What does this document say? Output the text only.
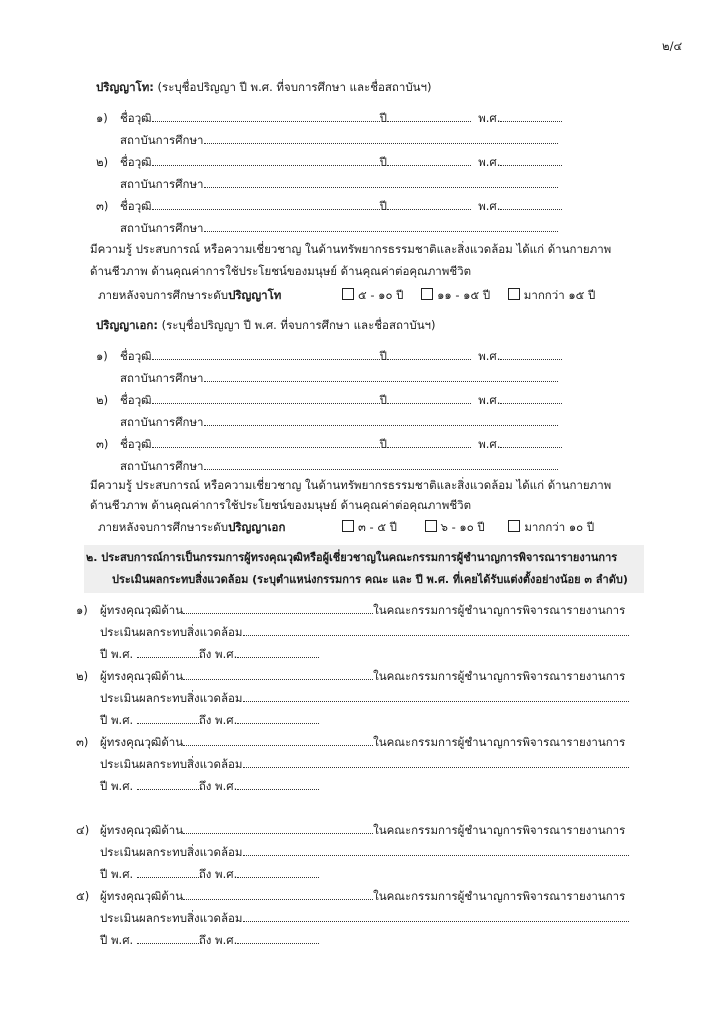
๒/๔
ปริญญาโท: (ระบุชื่อปริญญา ปี พ.ศ. ที่จบการศึกษา และชื่อสถาบันฯ)
๑) ชื่อวุฒิ	ปี	พ.ศ.
สถาบันการศึกษา
๒) ชื่อวุฒิ	ปี	พ.ศ.
สถาบันการศึกษา
๓) ชื่อวุฒิ	ปี	พ.ศ.
สถาบันการศึกษา
มีความรู้ ประสบการณ์ หรือความเชี่ยวชาญ ในด้านทรัพยากรธรรมชาติและสิ่งแวดล้อม ได้แก่ ด้านกายภาพ
ด้านชีวภาพ ด้านคุณค่าการใช้ประโยชน์ของมนุษย์ ด้านคุณค่าต่อคุณภาพชีวิต
ภายหลังจบการศึกษาระดับปริญญาโท	๕ - ๑๐ ปี	๑๑ - ๑๕ ปี	มากกว่า ๑๕ ปี
ปริญญาเอก: (ระบุชื่อปริญญา ปี พ.ศ. ที่จบการศึกษา และชื่อสถาบันฯ)
๑) ชื่อวุฒิ	ปี	พ.ศ.
สถาบันการศึกษา
๒) ชื่อวุฒิ	ปี	พ.ศ.
สถาบันการศึกษา
๓) ชื่อวุฒิ	ปี	พ.ศ.
สถาบันการศึกษา
มีความรู้ ประสบการณ์ หรือความเชี่ยวชาญ ในด้านทรัพยากรธรรมชาติและสิ่งแวดล้อม ได้แก่ ด้านกายภาพ
ด้านชีวภาพ ด้านคุณค่าการใช้ประโยชน์ของมนุษย์ ด้านคุณค่าต่อคุณภาพชีวิต
ภายหลังจบการศึกษาระดับปริญญาเอก	๓ - ๕ ปี	๖ - ๑๐ ปี	มากกว่า ๑๐ ปี
๒. ประสบการณ์การเป็นกรรมการผู้ทรงคุณวุฒิหรือผู้เชี่ยวชาญในคณะกรรมการผู้ชำนาญการพิจารณารายงานการ
ประเมินผลกระทบสิ่งแวดล้อม (ระบุตำแหน่งกรรมการ คณะ และ ปี พ.ศ. ที่เคยได้รับแต่งตั้งอย่างน้อย ๓ ลำดับ)
๑) ผู้ทรงคุณวุฒิด้าน	ในคณะกรรมการผู้ชำนาญการพิจารณารายงานการ
ประเมินผลกระทบสิ่งแวดล้อม
ปี พ.ศ.	ถึง พ.ศ.
๒) ผู้ทรงคุณวุฒิด้าน	ในคณะกรรมการผู้ชำนาญการพิจารณารายงานการ
ประเมินผลกระทบสิ่งแวดล้อม
ปี พ.ศ.	ถึง พ.ศ.
๓) ผู้ทรงคุณวุฒิด้าน	ในคณะกรรมการผู้ชำนาญการพิจารณารายงานการ
ประเมินผลกระทบสิ่งแวดล้อม
ปี พ.ศ.	ถึง พ.ศ.
๔) ผู้ทรงคุณวุฒิด้าน	ในคณะกรรมการผู้ชำนาญการพิจารณารายงานการ
ประเมินผลกระทบสิ่งแวดล้อม
ปี พ.ศ.	ถึง พ.ศ.
๕) ผู้ทรงคุณวุฒิด้าน	ในคณะกรรมการผู้ชำนาญการพิจารณารายงานการ
ประเมินผลกระทบสิ่งแวดล้อม
ปี พ.ศ.	ถึง พ.ศ.
